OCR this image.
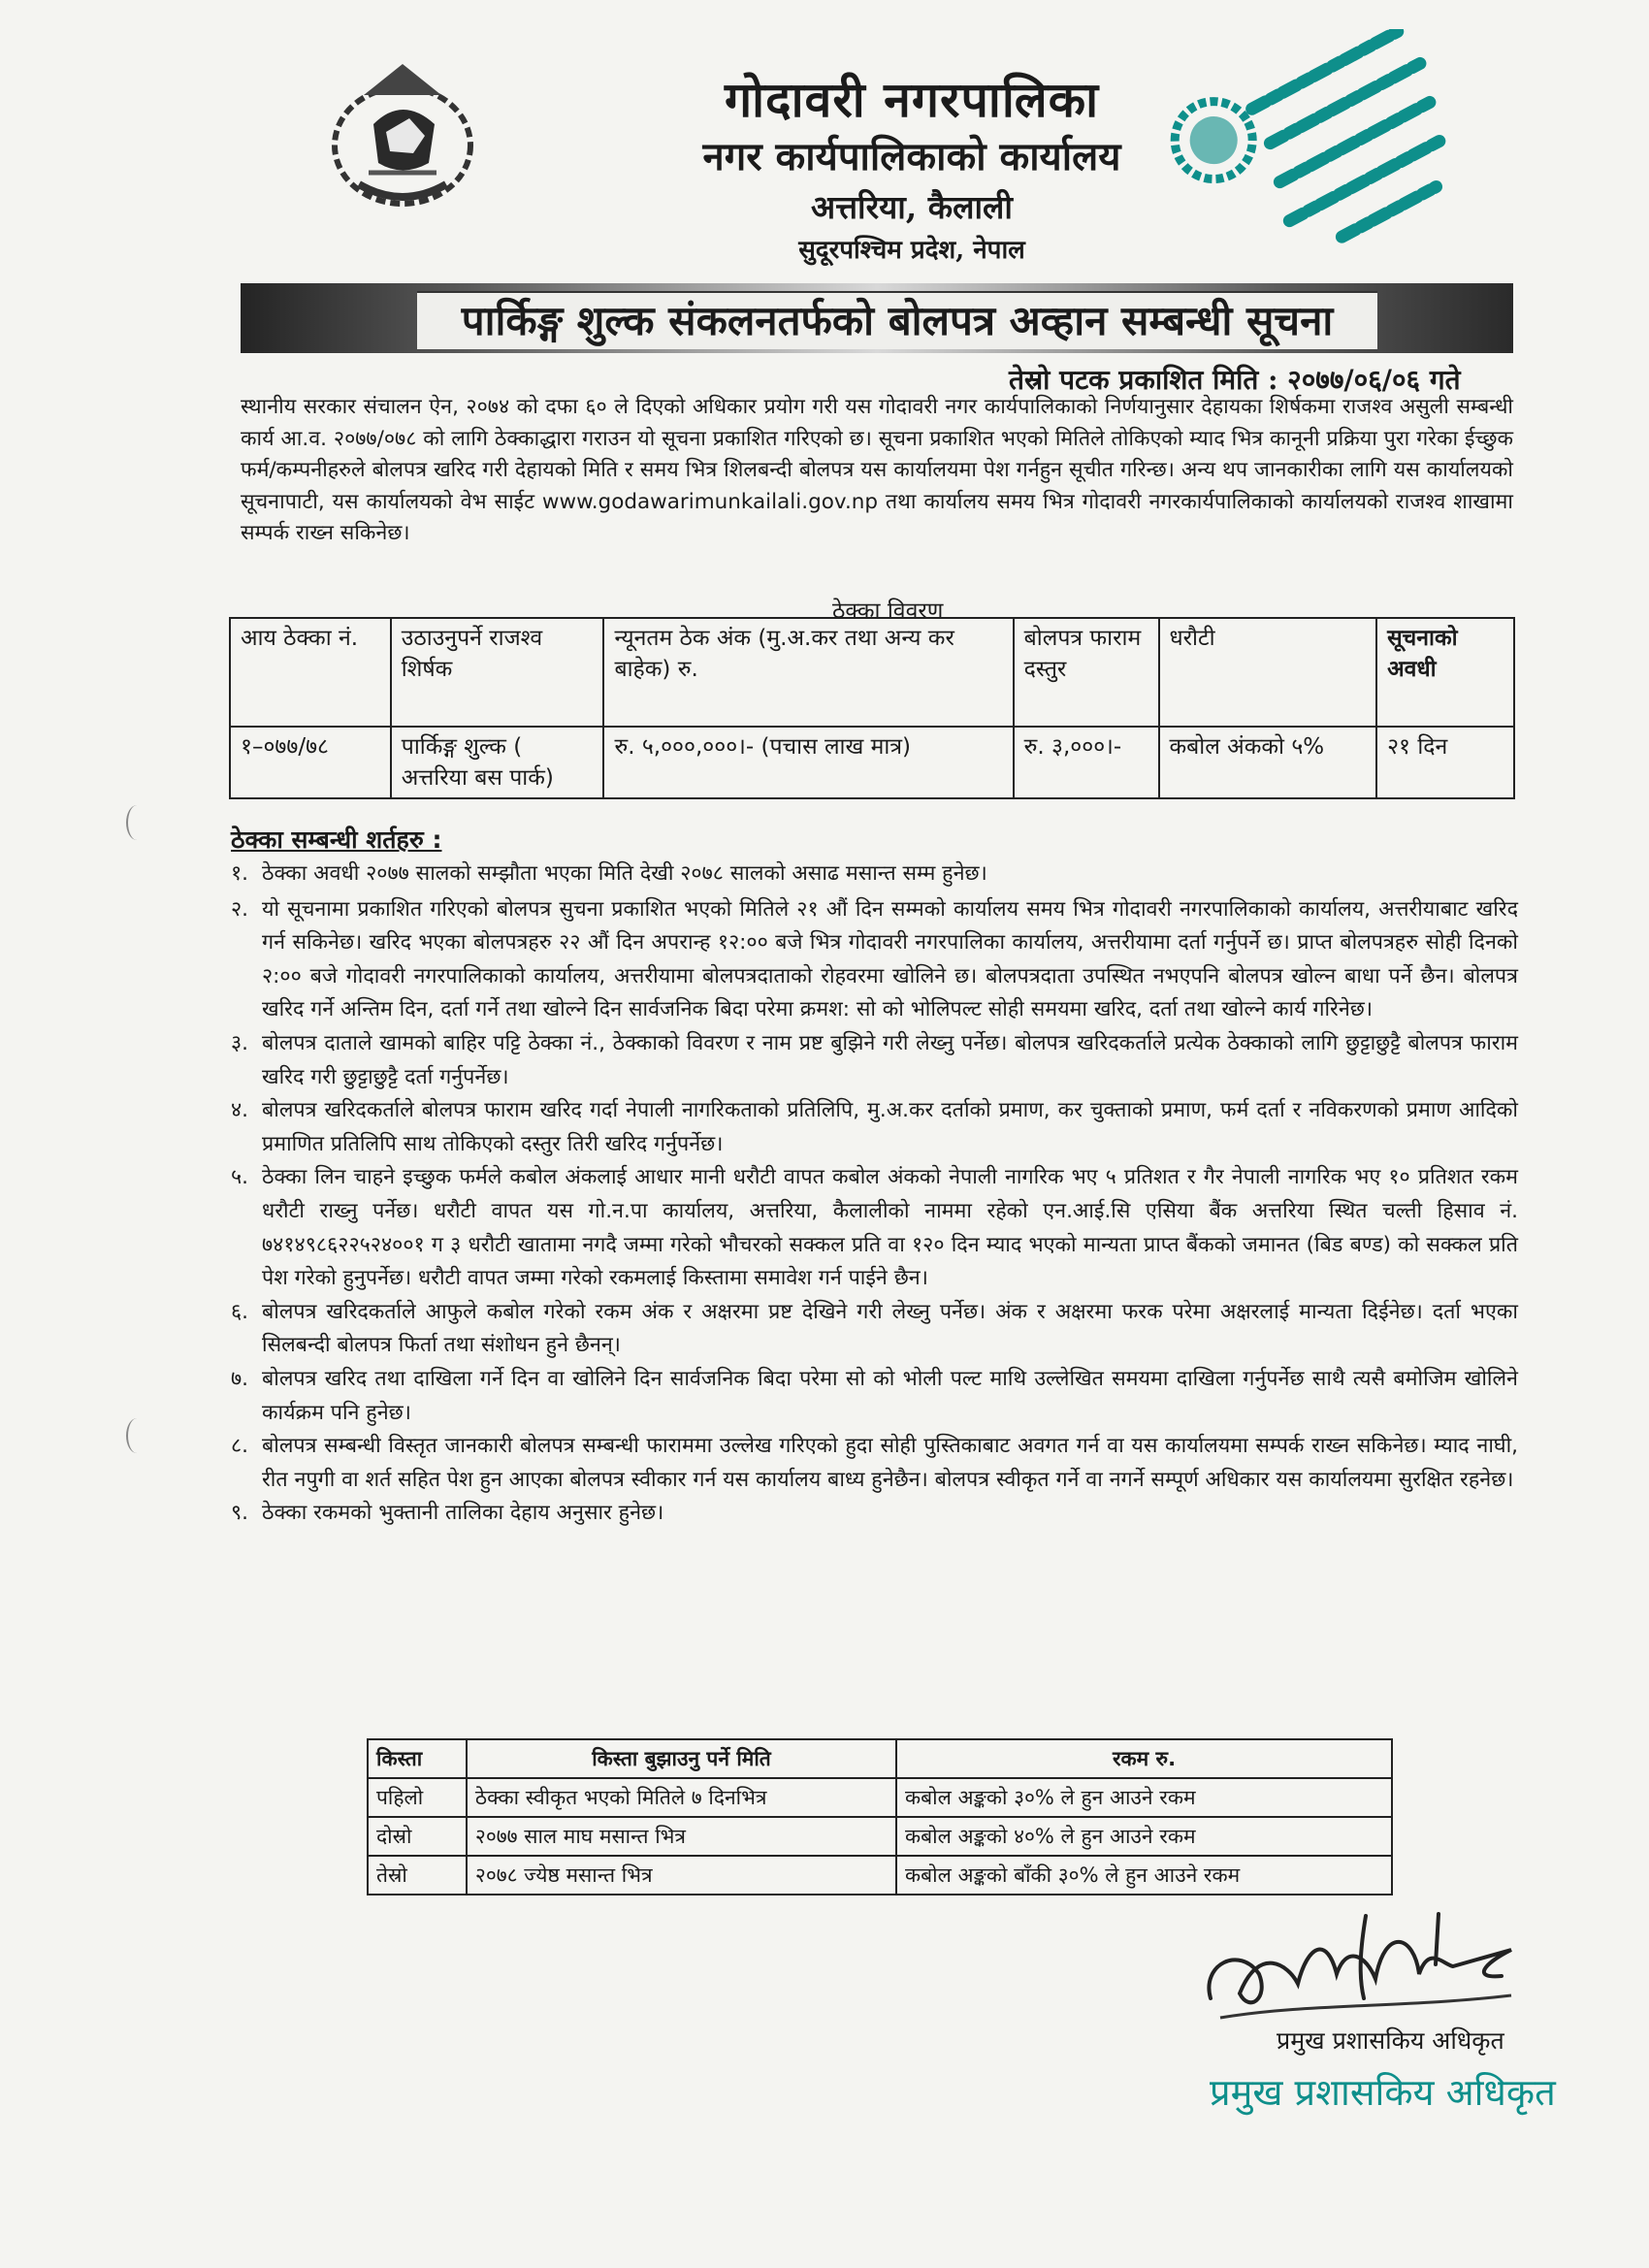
गोदावरी नगरपालिका
नगर कार्यपालिकाको कार्यालय
अत्तरिया, कैलाली
सुदूरपश्चिम प्रदेश, नेपाल
पार्किङ्ग शुल्क संकलनतर्फको बोलपत्र अव्हान सम्बन्धी सूचना
तेस्रो पटक प्रकाशित मिति : २०७७/०६/०६ गते
स्थानीय सरकार संचालन ऐन, २०७४ को दफा ६० ले दिएको अधिकार प्रयोग गरी यस गोदावरी नगर कार्यपालिकाको निर्णयानुसार देहायका शिर्षकमा राजश्व असुली सम्बन्धी कार्य आ.व. २०७७/०७८ को लागि ठेक्काद्धारा गराउन यो सूचना प्रकाशित गरिएको छ। सूचना प्रकाशित भएको मितिले तोकिएको म्याद भित्र कानूनी प्रक्रिया पुरा गरेका ईच्छुक फर्म/कम्पनीहरुले बोलपत्र खरिद गरी देहायको मिति र समय भित्र शिलबन्दी बोलपत्र यस कार्यालयमा पेश गर्नहुन सूचीत गरिन्छ। अन्य थप जानकारीका लागि यस कार्यालयको सूचनापाटी, यस कार्यालयको वेभ साईट www.godawarimunkailali.gov.np तथा कार्यालय समय भित्र गोदावरी नगरकार्यपालिकाको कार्यालयको राजश्व शाखामा सम्पर्क राख्न सकिनेछ।
ठेक्का विवरण
आय ठेक्का नं.	उठाउनुपर्ने राजश्व शिर्षक	न्यूनतम ठेक अंक (मु.अ.कर तथा अन्य कर बाहेक) रु.	बोलपत्र फाराम दस्तुर	धरौटी	सूचनाको अवधी
१–०७७/७८	पार्किङ्ग शुल्क ( अत्तरिया बस पार्क)	रु. ५,०००,०००।- (पचास लाख मात्र)	रु. ३,०००।-	कबोल अंकको ५%	२१ दिन
ठेक्का सम्बन्धी शर्तहरु :
१. ठेक्का अवधी २०७७ सालको सम्झौता भएका मिति देखी २०७८ सालको असाढ मसान्त सम्म हुनेछ।
२. यो सूचनामा प्रकाशित गरिएको बोलपत्र सुचना प्रकाशित भएको मितिले २१ औं दिन सम्मको कार्यालय समय भित्र गोदावरी नगरपालिकाको कार्यालय, अत्तरीयाबाट खरिद गर्न सकिनेछ। खरिद भएका बोलपत्रहरु २२ औं दिन अपरान्ह १२:०० बजे भित्र गोदावरी नगरपालिका कार्यालय, अत्तरीयामा दर्ता गर्नुपर्ने छ। प्राप्त बोलपत्रहरु सोही दिनको २:०० बजे गोदावरी नगरपालिकाको कार्यालय, अत्तरीयामा बोलपत्रदाताको रोहवरमा खोलिने छ। बोलपत्रदाता उपस्थित नभएपनि बोलपत्र खोल्न बाधा पर्ने छैन। बोलपत्र खरिद गर्ने अन्तिम दिन, दर्ता गर्ने तथा खोल्ने दिन सार्वजनिक बिदा परेमा क्रमश: सो को भोलिपल्ट सोही समयमा खरिद, दर्ता तथा खोल्ने कार्य गरिनेछ।
३. बोलपत्र दाताले खामको बाहिर पट्टि ठेक्का नं., ठेक्काको विवरण र नाम प्रष्ट बुझिने गरी लेख्नु पर्नेछ। बोलपत्र खरिदकर्ताले प्रत्येक ठेक्काको लागि छुट्टाछुट्टै बोलपत्र फाराम खरिद गरी छुट्टाछुट्टै दर्ता गर्नुपर्नेछ।
४. बोलपत्र खरिदकर्ताले बोलपत्र फाराम खरिद गर्दा नेपाली नागरिकताको प्रतिलिपि, मु.अ.कर दर्ताको प्रमाण, कर चुक्ताको प्रमाण, फर्म दर्ता र नविकरणको प्रमाण आदिको प्रमाणित प्रतिलिपि साथ तोकिएको दस्तुर तिरी खरिद गर्नुपर्नेछ।
५. ठेक्का लिन चाहने इच्छुक फर्मले कबोल अंकलाई आधार मानी धरौटी वापत कबोल अंकको नेपाली नागरिक भए ५ प्रतिशत र गैर नेपाली नागरिक भए १० प्रतिशत रकम धरौटी राख्नु पर्नेछ। धरौटी वापत यस गो.न.पा कार्यालय, अत्तरिया, कैलालीको नाममा रहेको एन.आई.सि एसिया बैंक अत्तरिया स्थित चल्ती हिसाव नं. ७४१४९८६२२५२४००१ ग ३ धरौटी खातामा नगदै जम्मा गरेको भौचरको सक्कल प्रति वा १२० दिन म्याद भएको मान्यता प्राप्त बैंकको जमानत (बिड बण्ड) को सक्कल प्रति पेश गरेको हुनुपर्नेछ। धरौटी वापत जम्मा गरेको रकमलाई किस्तामा समावेश गर्न पाईने छैन।
६. बोलपत्र खरिदकर्ताले आफुले कबोल गरेको रकम अंक र अक्षरमा प्रष्ट देखिने गरी लेख्नु पर्नेछ। अंक र अक्षरमा फरक परेमा अक्षरलाई मान्यता दिईनेछ। दर्ता भएका सिलबन्दी बोलपत्र फिर्ता तथा संशोधन हुने छैनन्।
७. बोलपत्र खरिद तथा दाखिला गर्ने दिन वा खोलिने दिन सार्वजनिक बिदा परेमा सो को भोली पल्ट माथि उल्लेखित समयमा दाखिला गर्नुपर्नेछ साथै त्यसै बमोजिम खोलिने कार्यक्रम पनि हुनेछ।
८. बोलपत्र सम्बन्धी विस्तृत जानकारी बोलपत्र सम्बन्धी फाराममा उल्लेख गरिएको हुदा सोही पुस्तिकाबाट अवगत गर्न वा यस कार्यालयमा सम्पर्क राख्न सकिनेछ। म्याद नाघी, रीत नपुगी वा शर्त सहित पेश हुन आएका बोलपत्र स्वीकार गर्न यस कार्यालय बाध्य हुनेछैन। बोलपत्र स्वीकृत गर्ने वा नगर्ने सम्पूर्ण अधिकार यस कार्यालयमा सुरक्षित रहनेछ।
९. ठेक्का रकमको भुक्तानी तालिका देहाय अनुसार हुनेछ।
किस्ता	किस्ता बुझाउनु पर्ने मिति	रकम रु.
पहिलो	ठेक्का स्वीकृत भएको मितिले ७ दिनभित्र	कबोल अङ्कको ३०% ले हुन आउने रकम
दोस्रो	२०७७ साल माघ मसान्त भित्र	कबोल अङ्कको ४०% ले हुन आउने रकम
तेस्रो	२०७८ ज्येष्ठ मसान्त भित्र	कबोल अङ्कको बाँकी ३०% ले हुन आउने रकम
प्रमुख प्रशासकिय अधिकृत
प्रमुख प्रशासकिय अधिकृत
